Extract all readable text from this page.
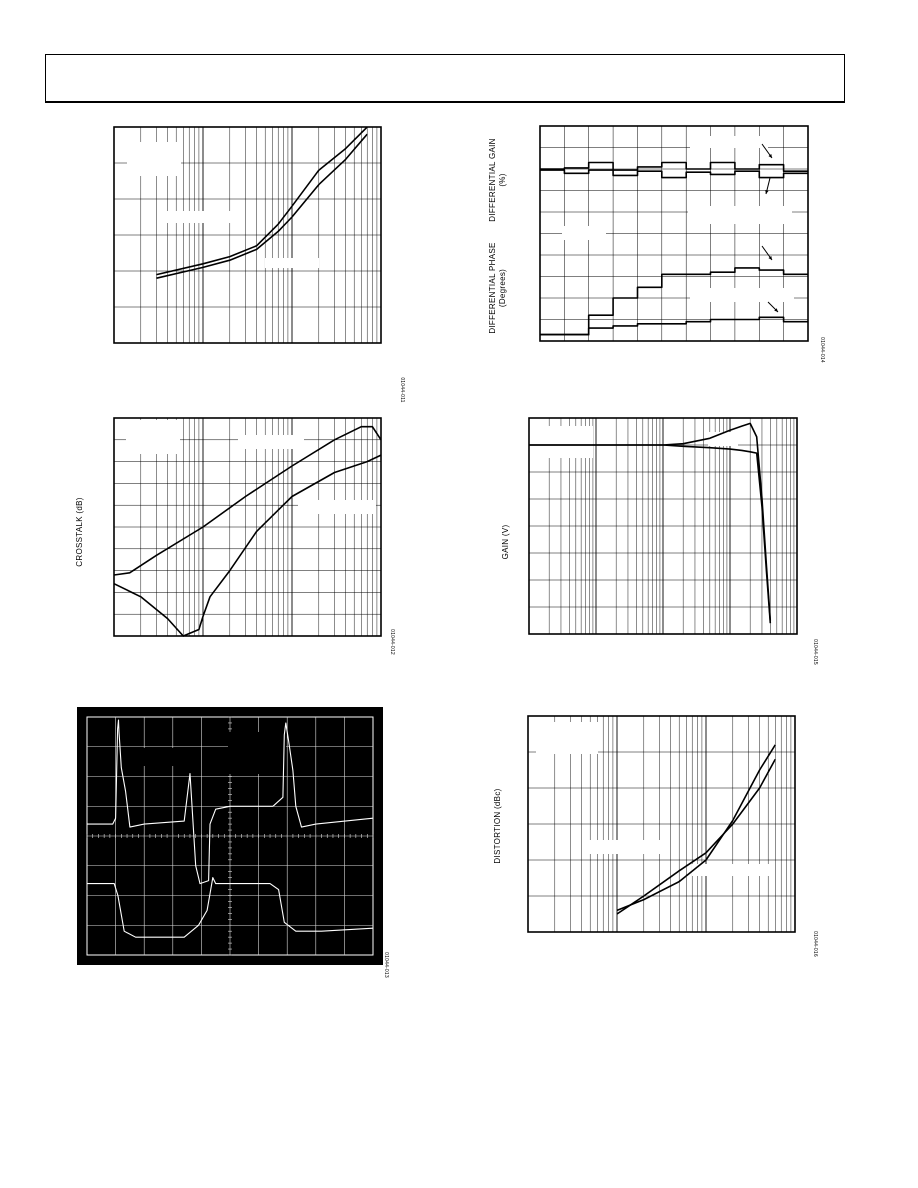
01044-011
DIFFERENTIAL GAIN (%)
DIFFERENTIAL PHASE (Degrees)
01044-014
CROSSTALK (dB)
01044-012
GAIN (V)
01044-015
01044-013
DISTORTION (dBc)
01044-016
